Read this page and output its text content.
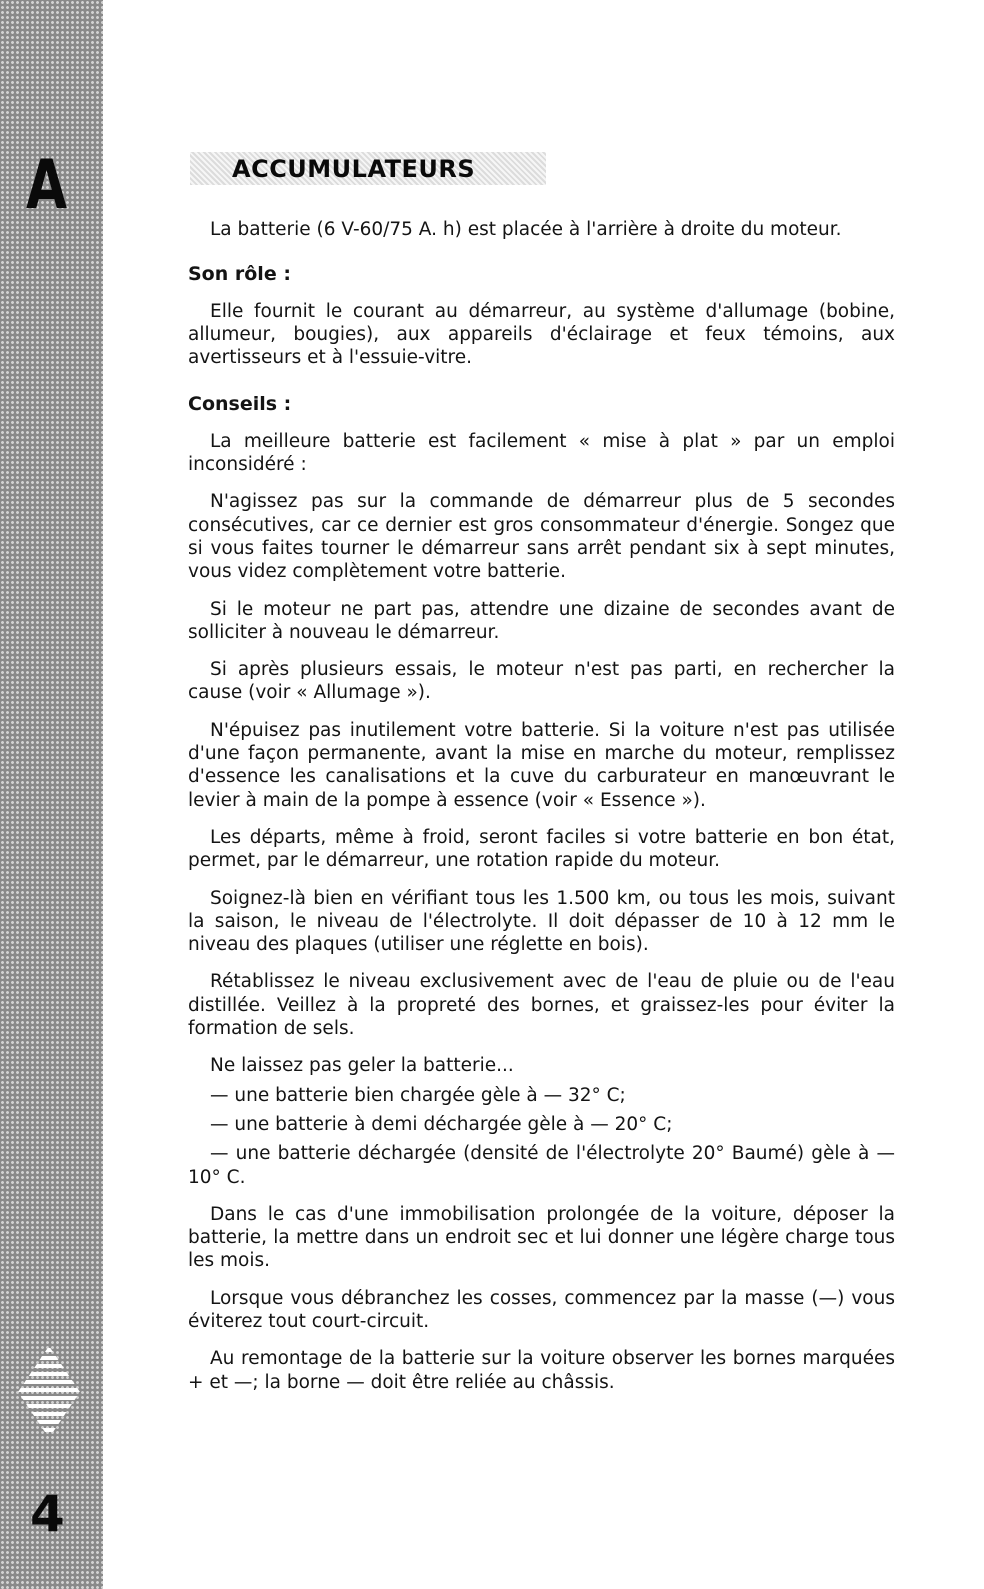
A
4
ACCUMULATEURS

La batterie (6 V-60/75 A. h) est placée à l'arrière à droite du moteur.

Son rôle :

Elle fournit le courant au démarreur, au système d'allumage (bobine, allumeur, bougies), aux appareils d'éclairage et feux témoins, aux avertisseurs et à l'essuie-vitre.

Conseils :

La meilleure batterie est facilement « mise à plat » par un emploi inconsidéré :

N'agissez pas sur la commande de démarreur plus de 5 secondes consécutives, car ce dernier est gros consommateur d'énergie. Songez que si vous faites tourner le démarreur sans arrêt pendant six à sept minutes, vous videz complètement votre batterie.

Si le moteur ne part pas, attendre une dizaine de secondes avant de solliciter à nouveau le démarreur.

Si après plusieurs essais, le moteur n'est pas parti, en rechercher la cause (voir « Allumage »).

N'épuisez pas inutilement votre batterie. Si la voiture n'est pas utilisée d'une façon permanente, avant la mise en marche du moteur, remplissez d'essence les canalisations et la cuve du carburateur en manœuvrant le levier à main de la pompe à essence (voir « Essence »).

Les départs, même à froid, seront faciles si votre batterie en bon état, permet, par le démarreur, une rotation rapide du moteur.

Soignez-là bien en vérifiant tous les 1.500 km, ou tous les mois, suivant la saison, le niveau de l'électrolyte. Il doit dépasser de 10 à 12 mm le niveau des plaques (utiliser une réglette en bois).

Rétablissez le niveau exclusivement avec de l'eau de pluie ou de l'eau distillée. Veillez à la propreté des bornes, et graissez-les pour éviter la formation de sels.

Ne laissez pas geler la batterie...

— une batterie bien chargée gèle à — 32° C;

— une batterie à demi déchargée gèle à — 20° C;

— une batterie déchargée (densité de l'électrolyte 20° Baumé) gèle à — 10° C.

Dans le cas d'une immobilisation prolongée de la voiture, déposer la batterie, la mettre dans un endroit sec et lui donner une légère charge tous les mois.

Lorsque vous débranchez les cosses, commencez par la masse (—) vous éviterez tout court-circuit.

Au remontage de la batterie sur la voiture observer les bornes marquées + et —; la borne — doit être reliée au châssis.
